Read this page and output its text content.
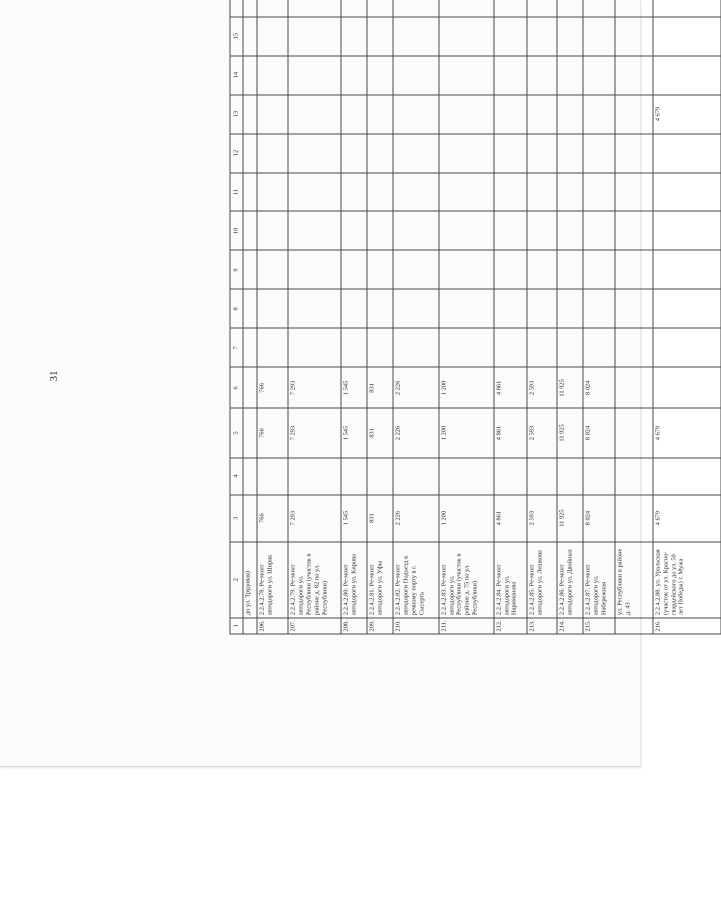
31
1	2	3	4	5	6	7	8	9	10	11	12	13	14	15				
	до ул. Трудовая)																	
206.	2.2.4.2.78. Ре-монт автодороги ул. Ширяк	766		766	766													
207.	2.2.4.2.79. Ре-монт автодороги ул. Республики (участок в районе д. 82 по ул. Республики)	7 293		7 293	7 293													
208.	2.2.4.2.80. Ре-монт автодороги ул. Кирова	1 545		1 545	1 545													
209.	2.2.4.2.81. Ре-монт автодороги ул. Уфы	831		831	831													
210.	2.2.4.2.82. Ре-монт автодороги Подъезд к речному порту в г. Сысерть	2 226		2 226	2 226													
211.	2.2.4.2.83. Ре-монт автодороги ул. Республики (участок в районе д. 75 по ул. Республики)	1 200		1 200	1 200													
212.	2.2.4.2.84. Ре-монт автодороги ул. Нариманова	4 861		4 861	4 861													
213.	2.2.4.2.85. Ре-монт автодороги ул. Лешкова	2 593		2 593	2 593													
214.	2.2.4.2.86. Ре-монт автодороги ул. Двойных	11 925		11 925	11 925													
215.	2.2.4.2.87. Ре-монт автодороги ул. Набережная	8 024		8 024	8 024													
	ул. Республики в районе д. 43																	
216.	2.2.4.2.88. ул. Уральская (участок от ул. Красно-гвардейского до ул. 50 лет Победы) г. Мужа	4 679		4 679								4 679						
